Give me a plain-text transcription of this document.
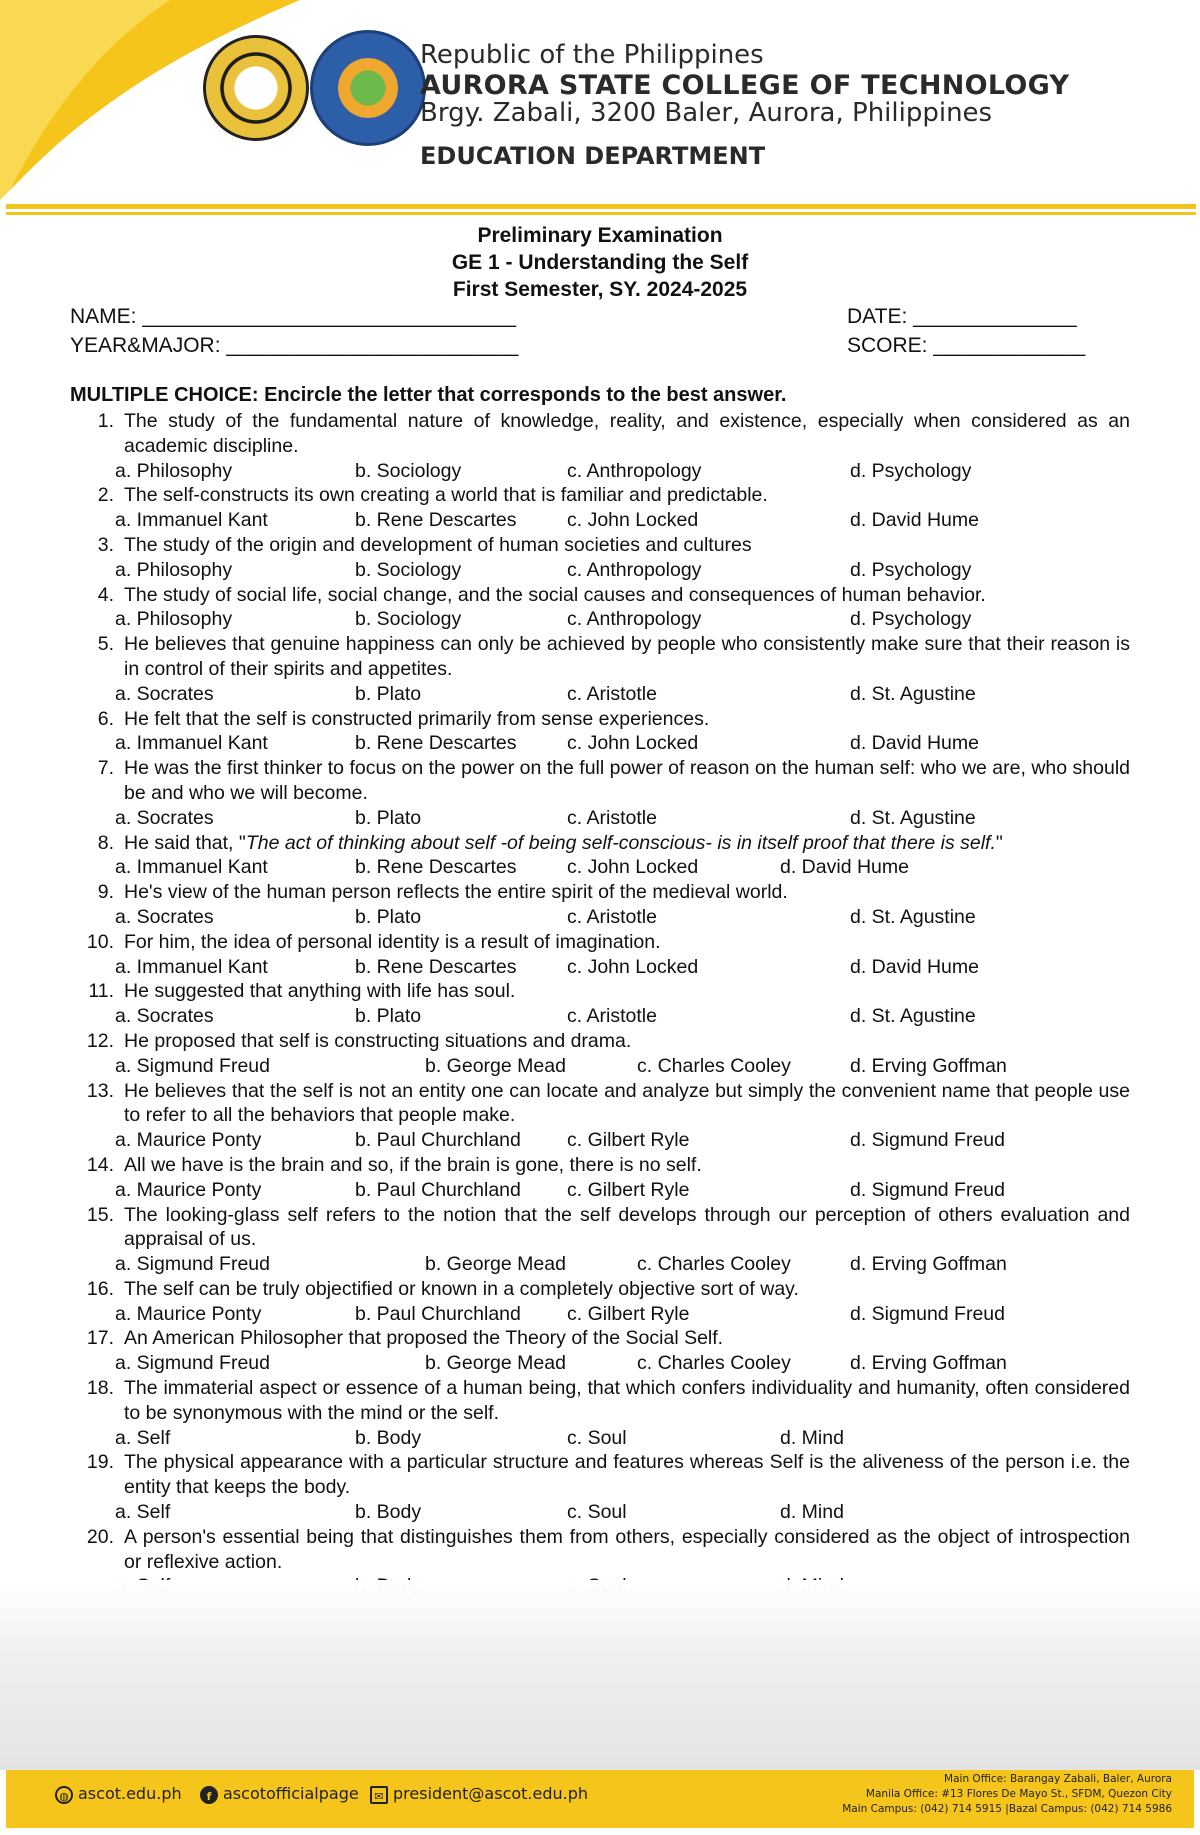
Republic of the Philippines
AURORA STATE COLLEGE OF TECHNOLOGY
Brgy. Zabali, 3200 Baler, Aurora, Philippines
EDUCATION DEPARTMENT
Preliminary Examination
GE 1 - Understanding the Self
First Semester, SY. 2024-2025
NAME: ________________________________	DATE: ______________
YEAR&MAJOR: _________________________	SCORE: _____________
MULTIPLE CHOICE: Encircle the letter that corresponds to the best answer.
1. The study of the fundamental nature of knowledge, reality, and existence, especially when considered as an academic discipline.
a. Philosophy	b. Sociology	c. Anthropology	d. Psychology
2. The self-constructs its own creating a world that is familiar and predictable.
a. Immanuel Kant	b. Rene Descartes	c. John Locked	d. David Hume
3. The study of the origin and development of human societies and cultures
a. Philosophy	b. Sociology	c. Anthropology	d. Psychology
4. The study of social life, social change, and the social causes and consequences of human behavior.
a. Philosophy	b. Sociology	c. Anthropology	d. Psychology
5. He believes that genuine happiness can only be achieved by people who consistently make sure that their reason is in control of their spirits and appetites.
a. Socrates	b. Plato	c. Aristotle	d. St. Agustine
6. He felt that the self is constructed primarily from sense experiences.
a. Immanuel Kant	b. Rene Descartes	c. John Locked	d. David Hume
7. He was the first thinker to focus on the power on the full power of reason on the human self: who we are, who should be and who we will become.
a. Socrates	b. Plato	c. Aristotle	d. St. Agustine
8. He said that, "The act of thinking about self -of being self-conscious- is in itself proof that there is self."
a. Immanuel Kant	b. Rene Descartes	c. John Locked	d. David Hume
9. He's view of the human person reflects the entire spirit of the medieval world.
a. Socrates	b. Plato	c. Aristotle	d. St. Agustine
10. For him, the idea of personal identity is a result of imagination.
a. Immanuel Kant	b. Rene Descartes	c. John Locked	d. David Hume
11. He suggested that anything with life has soul.
a. Socrates	b. Plato	c. Aristotle	d. St. Agustine
12. He proposed that self is constructing situations and drama.
a. Sigmund Freud	b. George Mead	c. Charles Cooley	d. Erving Goffman
13. He believes that the self is not an entity one can locate and analyze but simply the convenient name that people use to refer to all the behaviors that people make.
a. Maurice Ponty	b. Paul Churchland c. Gilbert Ryle	d. Sigmund Freud
14. All we have is the brain and so, if the brain is gone, there is no self.
a. Maurice Ponty	b. Paul Churchland c. Gilbert Ryle	d. Sigmund Freud
15. The looking-glass self refers to the notion that the self develops through our perception of others evaluation and appraisal of us.
a. Sigmund Freud	b. George Mead	c. Charles Cooley	d. Erving Goffman
16. The self can be truly objectified or known in a completely objective sort of way.
a. Maurice Ponty	b. Paul Churchland c. Gilbert Ryle	d. Sigmund Freud
17. An American Philosopher that proposed the Theory of the Social Self.
a. Sigmund Freud	b. George Mead	c. Charles Cooley	d. Erving Goffman
18. The immaterial aspect or essence of a human being, that which confers individuality and humanity, often considered to be synonymous with the mind or the self.
a. Self	b. Body	c. Soul	d. Mind
19. The physical appearance with a particular structure and features whereas Self is the aliveness of the person i.e. the entity that keeps the body.
a. Self	b. Body	c. Soul	d. Mind
20. A person's essential being that distinguishes them from others, especially considered as the object of introspection or reflexive action.
◍ ascot.edu.ph	f ascotofficialpage	✉ president@ascot.edu.ph
Main Office: Barangay Zabali, Baler, Aurora
Manila Office: #13 Flores De Mayo St., SFDM, Quezon City
Main Campus: (042) 714 5915 |Bazal Campus: (042) 714 5986
